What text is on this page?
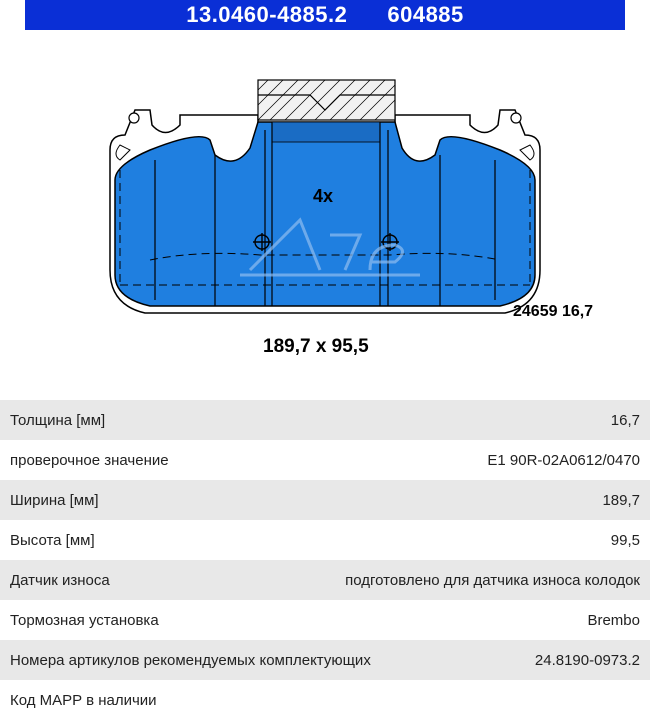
13.0460-4885.2 604885
4x
24659 16,7
189,7 x 95,5
Толщина [мм]	16,7
проверочное значение	E1 90R-02A0612/0470
Ширина [мм]	189,7
Высота [мм]	99,5
Датчик износа	подготовлено для датчика износа колодок
Тормозная установка	Brembo
Номера артикулов рекомендуемых комплектующих	24.8190-0973.2
Код MAPP в наличии
